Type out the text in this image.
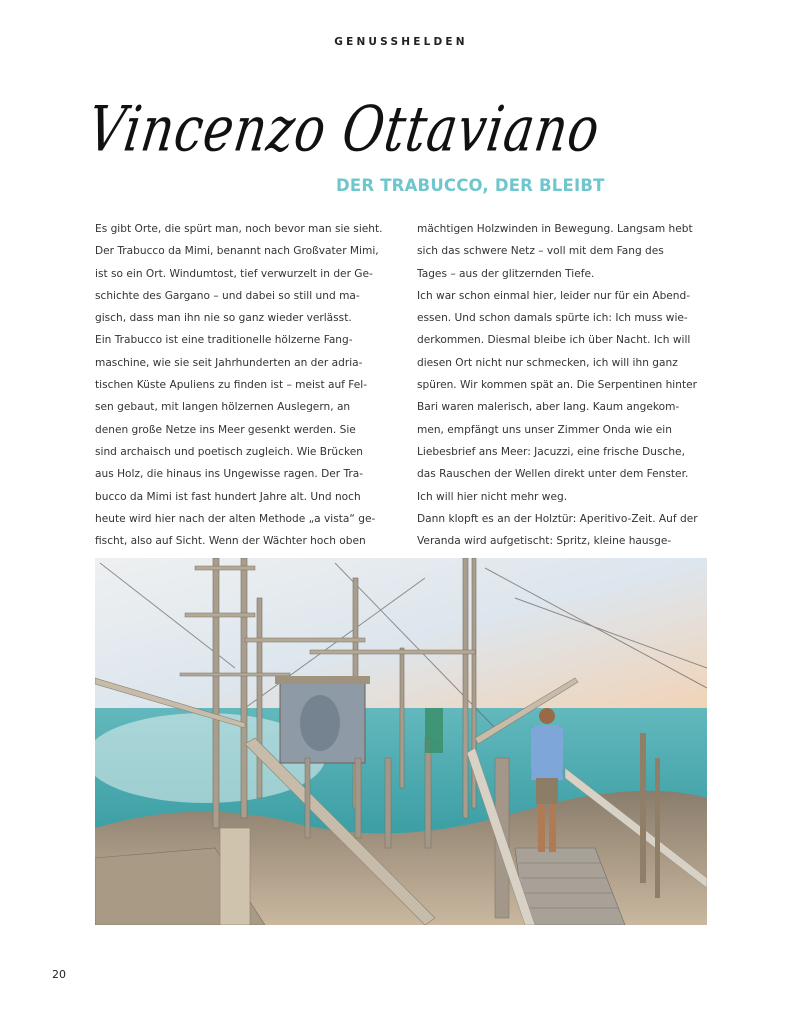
GENUSSHELDEN
Vincenzo Ottaviano
DER TRABUCCO, DER BLEIBT

Es gibt Orte, die spürt man, noch bevor man sie sieht.

Der Trabucco da Mimi, benannt nach Großvater Mimi,

ist so ein Ort. Windumtost, tief verwurzelt in der Ge-

schichte des Gargano – und dabei so still und ma-

gisch, dass man ihn nie so ganz wieder verlässt.

Ein Trabucco ist eine traditionelle hölzerne Fang-

maschine, wie sie seit Jahrhunderten an der adria-

tischen Küste Apuliens zu finden ist – meist auf Fel-

sen gebaut, mit langen hölzernen Auslegern, an

denen große Netze ins Meer gesenkt werden. Sie

sind archaisch und poetisch zugleich. Wie Brücken

aus Holz, die hinaus ins Ungewisse ragen. Der Tra-

bucco da Mimi ist fast hundert Jahre alt. Und noch

heute wird hier nach der alten Methode „a vista“ ge-

fischt, also auf Sicht. Wenn der Wächter hoch oben

mächtigen Holzwinden in Bewegung. Langsam hebt

sich das schwere Netz – voll mit dem Fang des

Tages – aus der glitzernden Tiefe.

Ich war schon einmal hier, leider nur für ein Abend-

essen. Und schon damals spürte ich: Ich muss wie-

derkommen. Diesmal bleibe ich über Nacht. Ich will

diesen Ort nicht nur schmecken, ich will ihn ganz

spüren. Wir kommen spät an. Die Serpentinen hinter

Bari waren malerisch, aber lang. Kaum angekom-

men, empfängt uns unser Zimmer Onda wie ein

Liebesbrief ans Meer: Jacuzzi, eine frische Dusche,

das Rauschen der Wellen direkt unter dem Fenster.

Ich will hier nicht mehr weg.

Dann klopft es an der Holztür: Aperitivo-Zeit. Auf der

Veranda wird aufgetischt: Spritz, kleine hausge-

20
